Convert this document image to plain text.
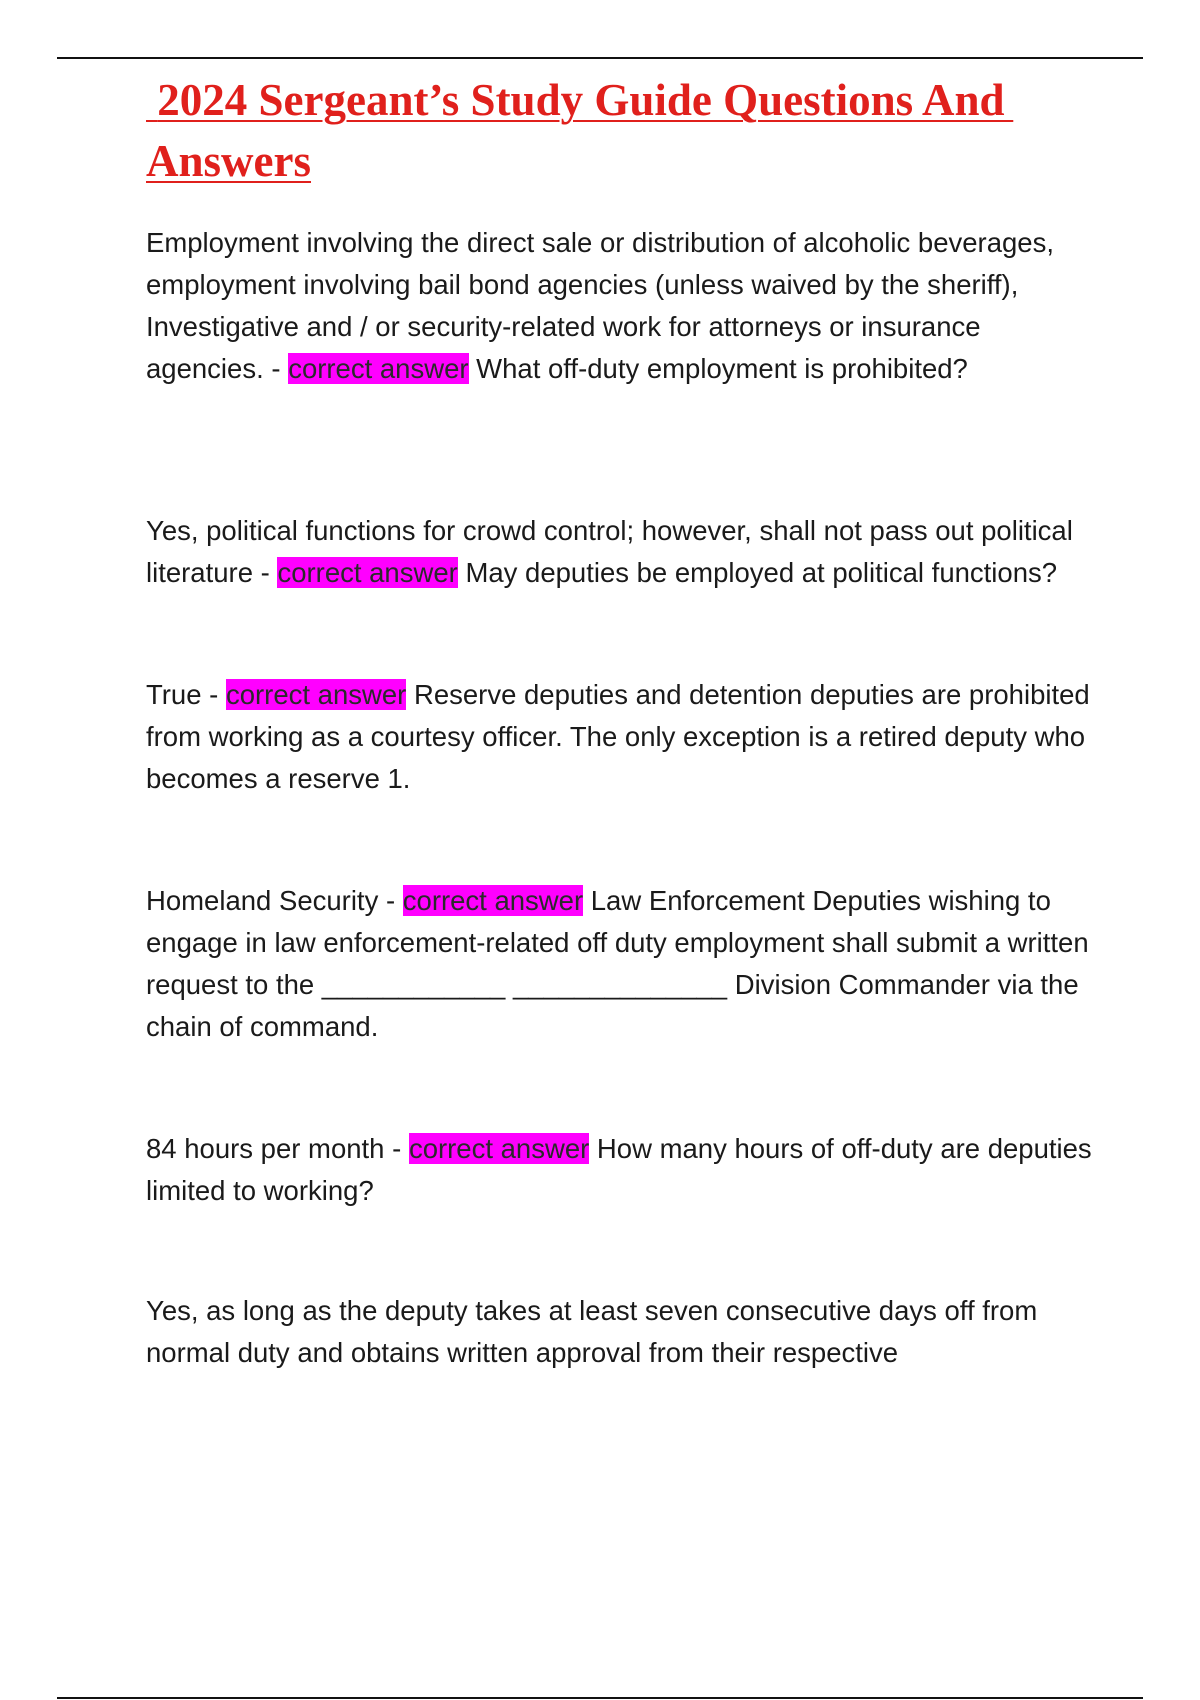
2024 Sergeant’s Study Guide Questions And Answers

Employment involving the direct sale or distribution of alcoholic beverages, employment involving bail bond agencies (unless waived by the sheriff), Investigative and / or security-related work for attorneys or insurance agencies. - correct answer What off-duty employment is prohibited?

Yes, political functions for crowd control; however, shall not pass out political literature - correct answer May deputies be employed at political functions?

True - correct answer Reserve deputies and detention deputies are prohibited from working as a courtesy officer. The only exception is a retired deputy who becomes a reserve 1.

Homeland Security - correct answer Law Enforcement Deputies wishing to engage in law enforcement-related off duty employment shall submit a written request to the ____________ ______________ Division Commander via the chain of command.

84 hours per month - correct answer How many hours of off-duty are deputies limited to working?

Yes, as long as the deputy takes at least seven consecutive days off from normal duty and obtains written approval from their respective
